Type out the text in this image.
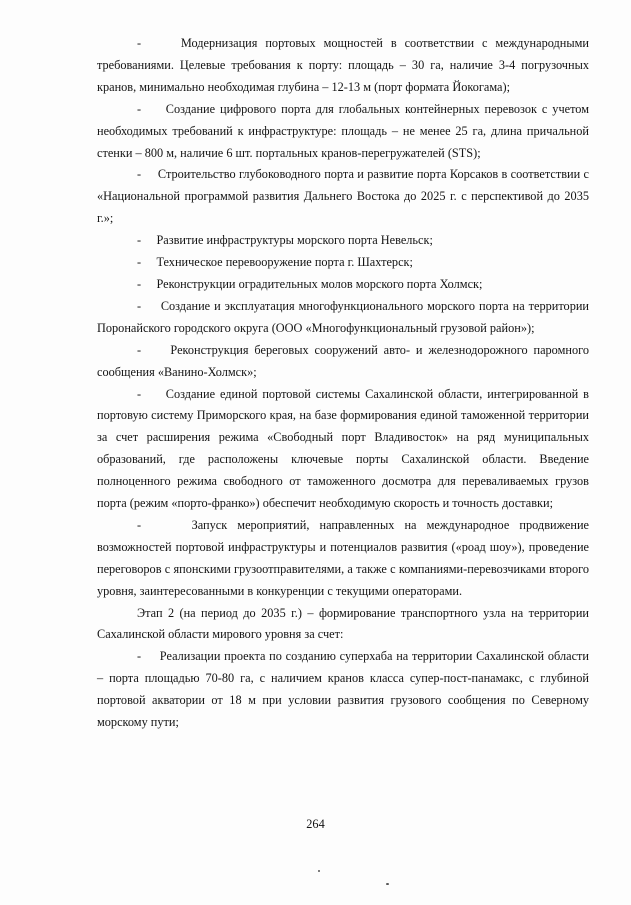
-     Модернизация портовых мощностей в соответствии с международными требованиями. Целевые требования к порту: площадь – 30 га, наличие 3-4 погрузочных кранов, минимально необходимая глубина – 12-13 м (порт формата Йокогама);

-     Создание цифрового порта для глобальных контейнерных перевозок с учетом необходимых требований к инфраструктуре: площадь – не менее 25 га, длина причальной стенки – 800 м, наличие 6 шт. портальных кранов-перегружателей (STS);

-     Строительство глубоководного порта и развитие порта Корсаков в соответствии с «Национальной программой развития Дальнего Востока до 2025 г. с перспективой до 2035 г.»;

-     Развитие инфраструктуры морского порта Невельск;

-     Техническое перевооружение порта г. Шахтерск;

-     Реконструкции оградительных молов морского порта Холмск;

-     Создание и эксплуатация многофункционального морского порта на территории Поронайского городского округа (ООО «Многофункциональный грузовой район»);

-     Реконструкция береговых сооружений авто- и железнодорожного паромного сообщения «Ванино-Холмск»;

-     Создание единой портовой системы Сахалинской области, интегрированной в портовую систему Приморского края, на базе формирования единой таможенной территории за счет расширения режима «Свободный порт Владивосток» на ряд муниципальных образований, где расположены ключевые порты Сахалинской области. Введение полноценного режима свободного от таможенного досмотра для переваливаемых грузов порта (режим «порто-франко») обеспечит необходимую скорость и точность доставки;

-     Запуск мероприятий, направленных на международное продвижение возможностей портовой инфраструктуры и потенциалов развития («роад шоу»), проведение переговоров с японскими грузоотправителями, а также с компаниями-перевозчиками второго уровня, заинтересованными в конкуренции с текущими операторами.

Этап 2 (на период до 2035 г.) – формирование транспортного узла на территории Сахалинской области мирового уровня за счет:

-     Реализации проекта по созданию суперхаба на территории Сахалинской области – порта площадью 70-80 га, с наличием кранов класса супер-пост-панамакс, с глубиной портовой акватории от 18 м при условии развития грузового сообщения по Северному морскому пути;

264
